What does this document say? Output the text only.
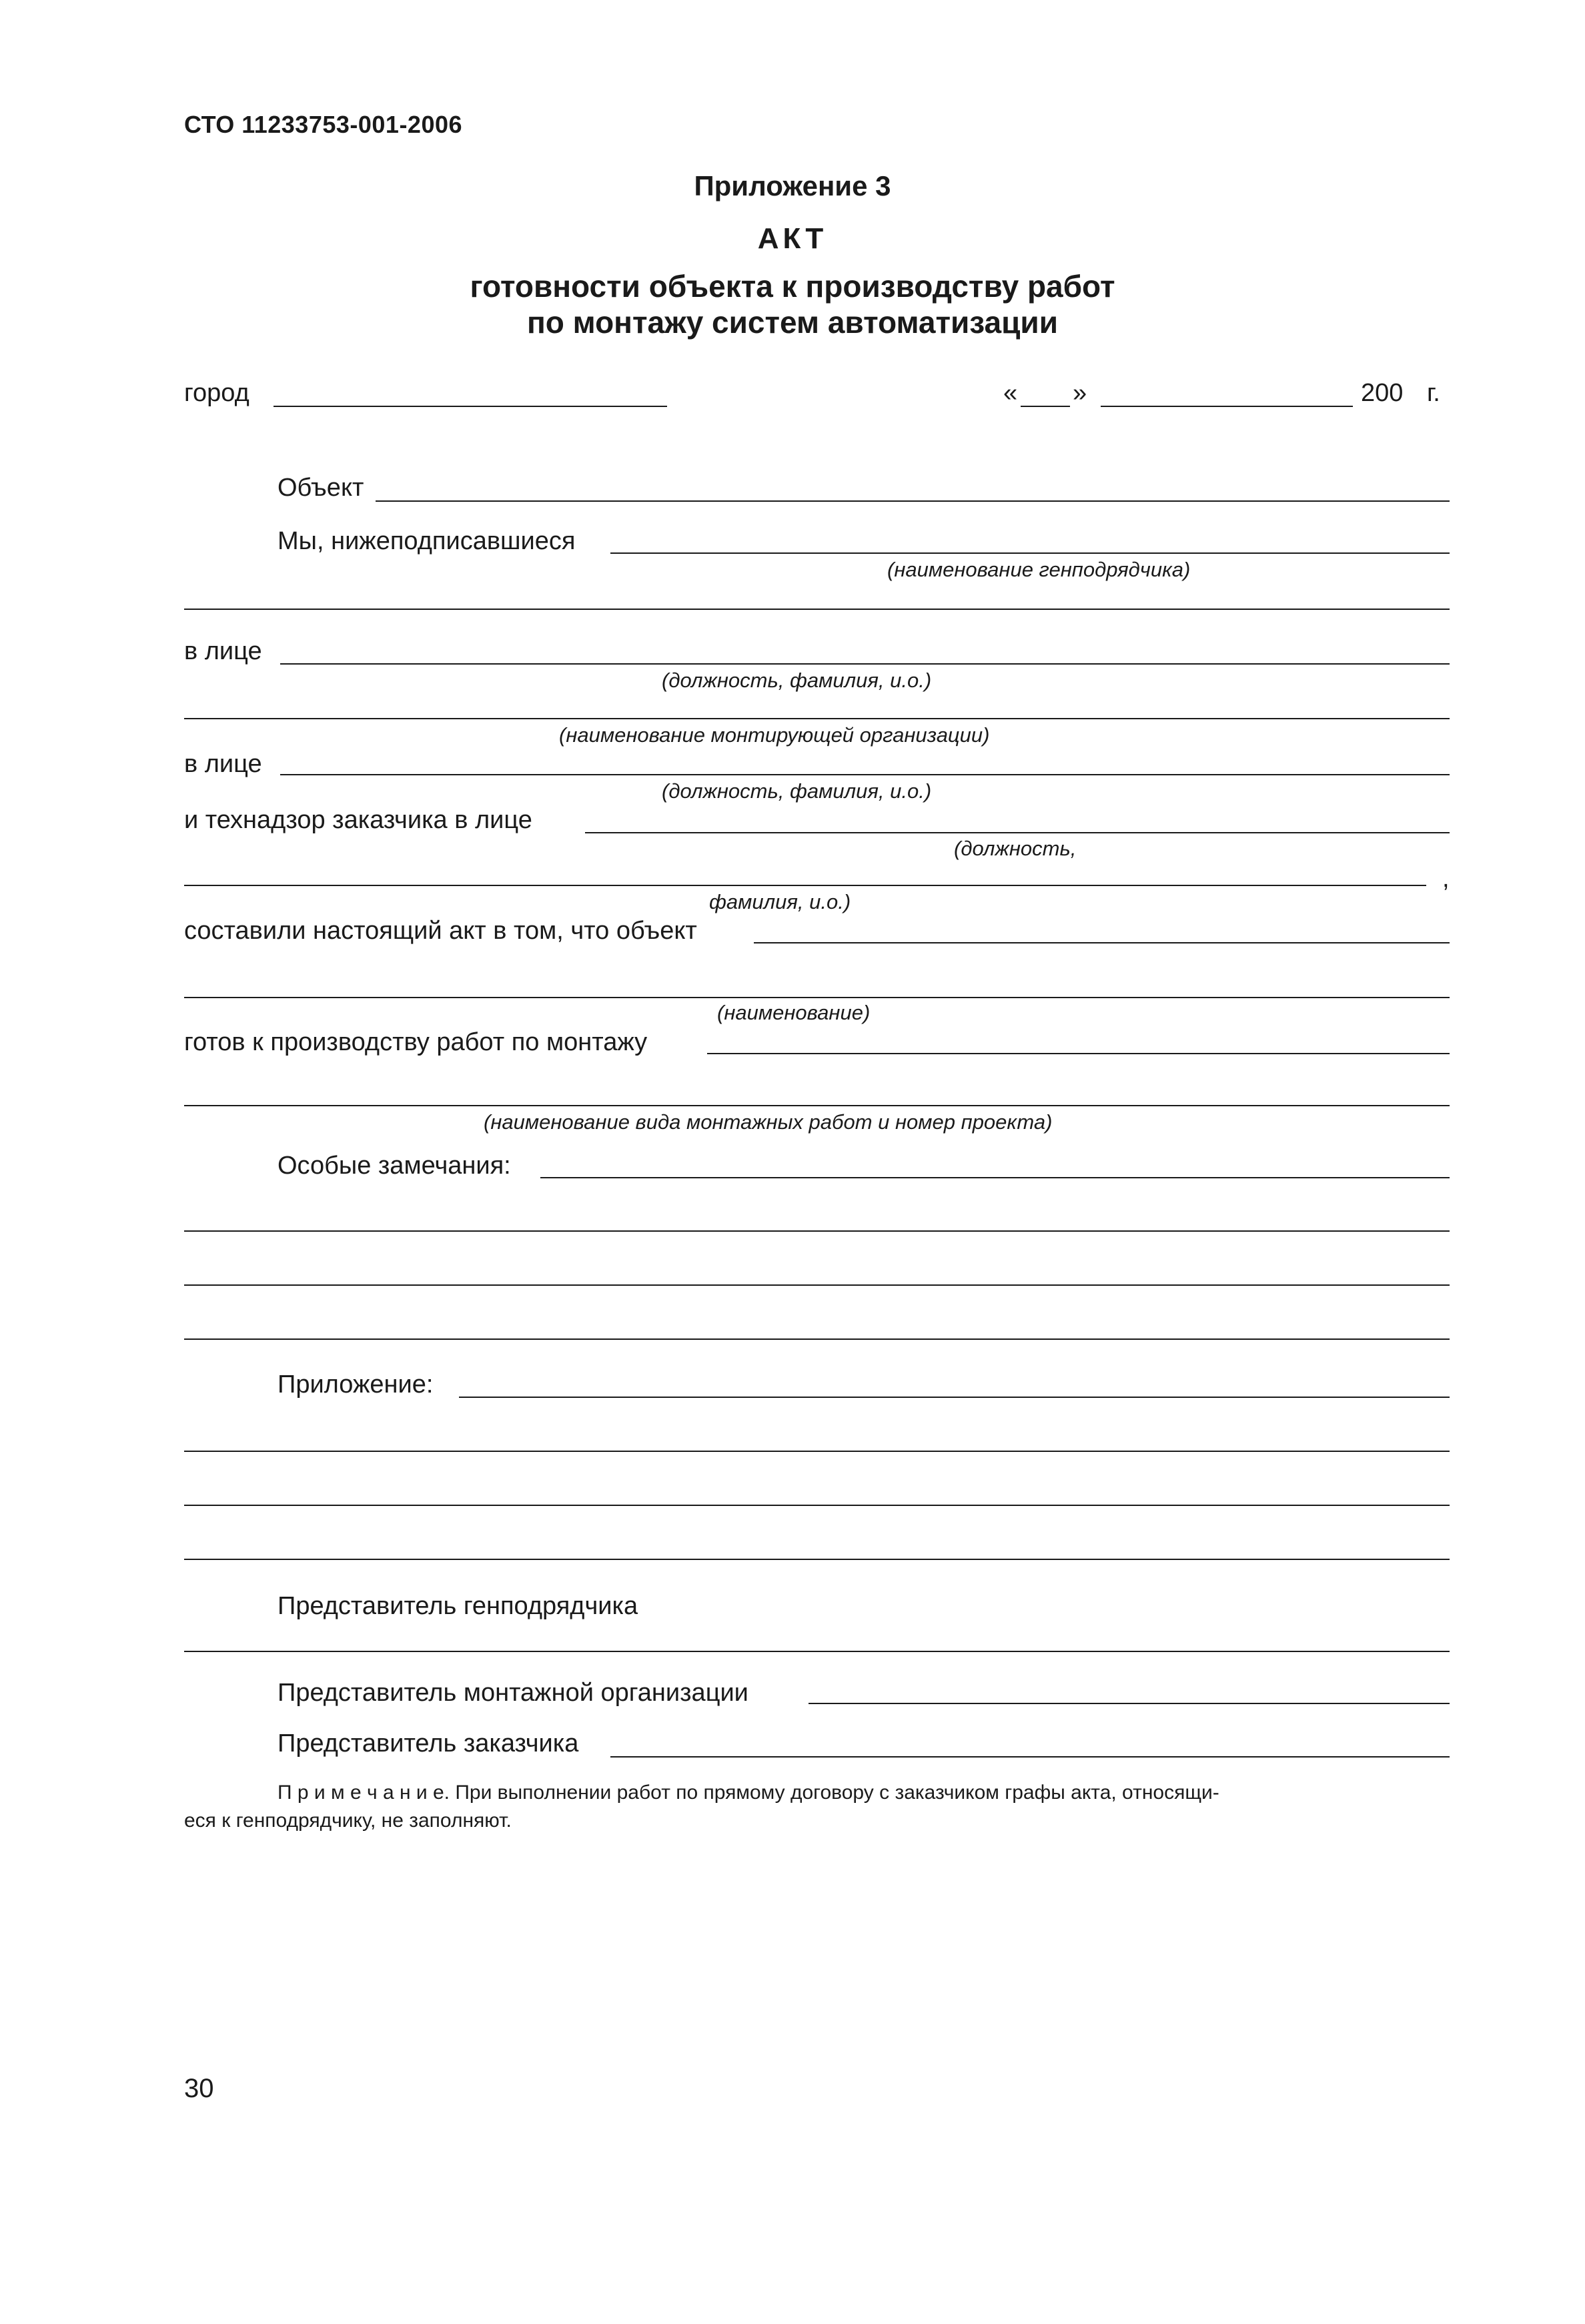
СТО 11233753-001-2006
Приложение 3
АКТ
готовности объекта к производству работ
по монтажу систем автоматизации
город	« »	200 г.
Объект
Мы, нижеподписавшиеся
(наименование генподрядчика)
в лице
(должность, фамилия, и.о.)
(наименование монтирующей организации)
в лице
(должность, фамилия, и.о.)
и технадзор заказчика в лице
(должность,
,
фамилия, и.о.)
составили настоящий акт в том, что объект
(наименование)
готов к производству работ по монтажу
(наименование вида монтажных работ и номер проекта)
Особые замечания:
Приложение:
Представитель генподрядчика
Представитель монтажной организации
Представитель заказчика
П р и м е ч а н и е. При выполнении работ по прямому договору с заказчиком графы акта, относящи-
еся к генподрядчику, не заполняют.
30
